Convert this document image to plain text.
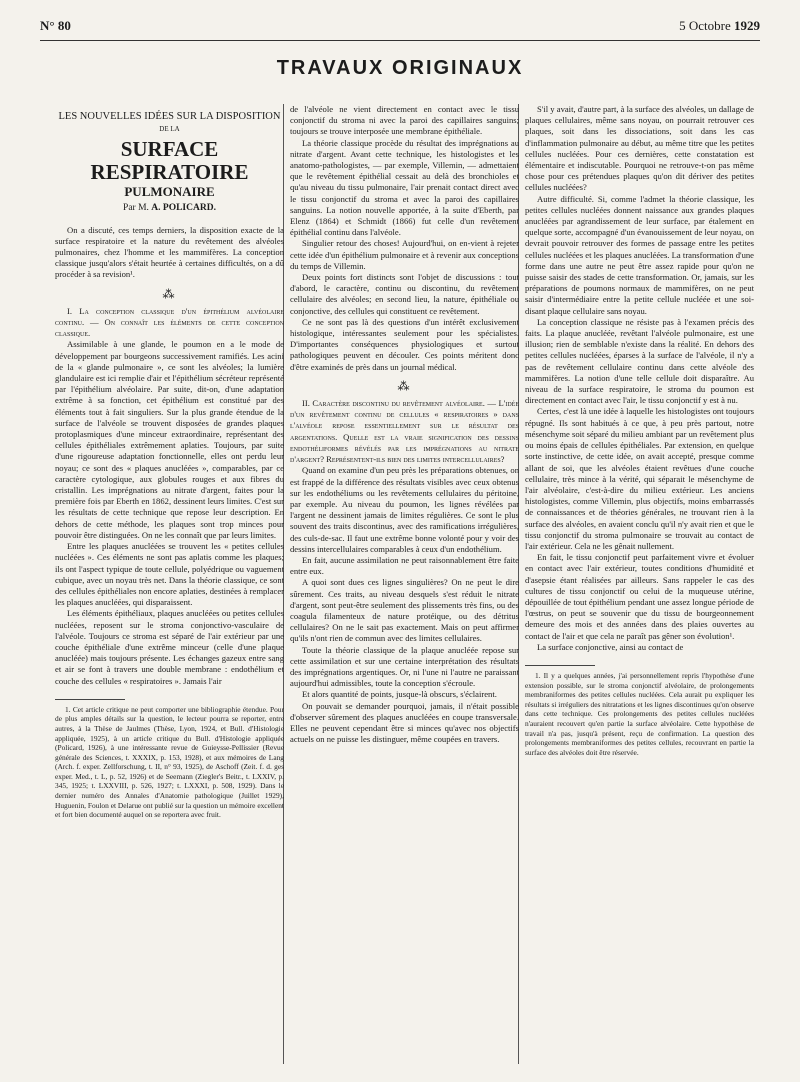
N° 80	5 Octobre 1929
TRAVAUX ORIGINAUX

LES NOUVELLES IDÉES SUR LA DISPOSITION

DE LA

SURFACE RESPIRATOIRE

PULMONAIRE

Par M. A. POLICARD.

On a discuté, ces temps derniers, la disposition exacte de la surface respiratoire et la nature du revêtement des alvéoles pulmonaires, chez l'homme et les mammifères. La conception classique jusqu'alors s'était heurtée à certaines difficultés, on a dû procéder à sa revision¹.

⁂

I. La conception classique d'un épithélium alvéolaire continu. — On connaît les éléments de cette conception classique.

Assimilable à une glande, le poumon en a le mode de développement par bourgeons successivement ramifiés. Les acini de la « glande pulmonaire », ce sont les alvéoles; la lumière glandulaire est ici remplie d'air et l'épithélium sécréteur représenté par l'épithélium alvéolaire. Par suite, dit-on, d'une adaptation extrême à sa fonction, cet épithélium est constitué par des éléments tout à fait singuliers. Sur la plus grande étendue de la surface de l'alvéole se trouvent disposées de grandes plaques protoplasmiques d'une minceur extraordinaire, représentant des cellules épithéliales extrêmement aplaties. Toujours, par suite d'une rigoureuse adaptation fonctionnelle, elles ont perdu leur noyau; ce sont des « plaques anucléées », comparables, par ce caractère cytologique, aux globules rouges et aux fibres du cristallin. Les imprégnations au nitrate d'argent, faites pour la première fois par Eberth en 1862, dessinent leurs limites. C'est sur les résultats de cette technique que repose leur description. En dehors de cette méthode, les plaques sont trop minces pour pouvoir être distinguées. On ne les connaît que par leurs limites.

Entre les plaques anucléées se trouvent les « petites cellules nucléées ». Ces éléments ne sont pas aplatis comme les plaques; ils ont l'aspect typique de toute cellule, polyédrique ou vaguement cubique, avec un noyau très net. Dans la théorie classique, ce sont des cellules épithéliales non encore aplaties, destinées à remplacer les plaques anucléées, qui disparaissent.

Les éléments épithéliaux, plaques anucléées ou petites cellules nucléées, reposent sur le stroma conjonctivo-vasculaire de l'alvéole. Toujours ce stroma est séparé de l'air extérieur par une couche épithéliale d'une extrême minceur (celle d'une plaque anucléée) mais toujours présente. Les échanges gazeux entre sang et air se font à travers une double membrane : endothélium et couche des cellules « respiratoires ». Jamais l'air

1. Cet article critique ne peut comporter une bibliographie étendue. Pour de plus amples détails sur la question, le lecteur pourra se reporter, entre autres, à la Thèse de Jaulmes (Thèse, Lyon, 1924, et Bull. d'Histologie appliquée, 1925), à un article critique du Bull. d'Histologie appliquée (Policard, 1926), à une intéressante revue de Guieysse-Pellissier (Revue générale des Sciences, t. XXXIX, p. 153, 1928), et aux mémoires de Lang (Arch. f. exper. Zellforschung, t. II, n° 93, 1925), de Aschoff (Zeit. f. d. ges exper. Med., t. L, p. 52, 1926) et de Seemann (Ziegler's Beitr., t. LXXIV, p. 345, 1925; t. LXXVIII, p. 526, 1927; t. LXXXI, p. 508, 1929). Dans le dernier numéro des Annales d'Anatomie pathologique (Juillet 1929), Huguenin, Foulon et Delarue ont publié sur la question un mémoire excellent et fort bien documenté auquel on se reportera avec fruit.

de l'alvéole ne vient directement en contact avec le tissu conjonctif du stroma ni avec la paroi des capillaires sanguins; toujours se trouve interposée une membrane épithéliale.

La théorie classique procède du résultat des imprégnations au nitrate d'argent. Avant cette technique, les histologistes et les anatomo-pathologistes, — par exemple, Villemin, — admettaient que le revêtement épithélial cessait au delà des bronchioles et qu'au niveau du tissu pulmonaire, l'air prenait contact direct avec le tissu conjonctif du stroma et avec la paroi des capillaires sanguins. La notion nouvelle apportée, à la suite d'Eberth, par Elenz (1864) et Schmidt (1866) fut celle d'un revêtement épithélial continu dans l'alvéole.

Singulier retour des choses! Aujourd'hui, on en-vient à rejeter cette idée d'un épithélium pulmonaire et à revenir aux conceptions du temps de Villemin.

Deux points fort distincts sont l'objet de discussions : tout d'abord, le caractère, continu ou discontinu, du revêtement cellulaire des alvéoles; en second lieu, la nature, épithéliale ou conjonctive, des cellules qui constituent ce revêtement.

Ce ne sont pas là des questions d'un intérêt exclusivement histologique, intéressantes seulement pour les spécialistes. D'importantes conséquences physiologiques et surtout pathologiques peuvent en découler. Ces points méritent donc d'être examinés de près dans un journal médical.

⁂

II. Caractère discontinu du revêtement alvéolaire. — L'idée d'un revêtement continu de cellules « respiratoires » dans l'alvéole repose essentiellement sur le résultat des argentations. Quelle est la vraie signification des dessins endothéliformes révélés par les imprégnations au nitrate d'argent? Représentent-ils bien des limites intercellulaires?

Quand on examine d'un peu près les préparations obtenues, on est frappé de la différence des résultats visibles avec ceux obtenus sur les endothéliums ou les revêtements cellulaires du péritoine, par exemple. Au niveau du poumon, les lignes révélées par l'argent ne dessinent jamais de limites régulières. Ce sont le plus souvent des traits discontinus, avec des ramifications irrégulières, des culs-de-sac. Il faut une extrême bonne volonté pour y voir des dessins intercellulaires comparables à ceux d'un endothélium.

En fait, aucune assimilation ne peut raisonnablement être faite entre eux.

A quoi sont dues ces lignes singulières? On ne peut le dire sûrement. Ces traits, au niveau desquels s'est réduit le nitrate d'argent, sont peut-être seulement des plissements très fins, ou des coagula filamenteux de nature protéique, ou des détritus cellulaires? On ne le sait pas exactement. Mais on peut affirmer qu'ils n'ont rien de commun avec des limites cellulaires.

Toute la théorie classique de la plaque anucléée repose sur cette assimilation et sur une certaine interprétation des résultats des imprégnations argentiques. Or, ni l'une ni l'autre ne paraissant aujourd'hui admissibles, toute la conception s'écroule.

Et alors quantité de points, jusque-là obscurs, s'éclairent.

On pouvait se demander pourquoi, jamais, il n'était possible d'observer sûrement des plaques anucléées en coupe transversale. Elles ne peuvent cependant être si minces qu'avec nos objectifs actuels on ne puisse les distinguer, même coupées en travers.

S'il y avait, d'autre part, à la surface des alvéoles, un dallage de plaques cellulaires, même sans noyau, on pourrait retrouver ces plaques, soit dans les dissociations, soit dans les cas d'inflammation pulmonaire au début, au même titre que les petites cellules nucléées. Pour ces dernières, cette constatation est élémentaire et indiscutable. Pourquoi ne retrouve-t-on pas même chose pour ces prétendues plaques qu'on dit dériver des petites cellules nucléées?

Autre difficulté. Si, comme l'admet la théorie classique, les petites cellules nucléées donnent naissance aux grandes plaques anucléées par agrandissement de leur surface, par étalement en quelque sorte, accompagné d'un évanouissement de leur noyau, on devrait pouvoir retrouver des formes de passage entre les petites cellules nucléées et les plaques anucléées. La transformation d'une forme dans une autre ne peut être assez rapide pour qu'on ne puisse saisir des stades de cette transformation. Or, jamais, sur les préparations de poumons normaux de mammifères, on ne peut saisir d'intermédiaire entre la petite cellule nucléée et une soi-disant plaque cellulaire sans noyau.

La conception classique ne résiste pas à l'examen précis des faits. La plaque anucléée, revêtant l'alvéole pulmonaire, est une illusion; rien de semblable n'existe dans la réalité. En dehors des petites cellules nucléées, éparses à la surface de l'alvéole, il n'y a pas de revêtement cellulaire continu dans cette alvéole des mammifères. La notion d'une telle cellule doit disparaître. Au niveau de la surface respiratoire, le stroma du poumon est directement en contact avec l'air, le tissu conjonctif y est à nu.

Certes, c'est là une idée à laquelle les histologistes ont toujours répugné. Ils sont habitués à ce que, à peu près partout, notre mésenchyme soit séparé du milieu ambiant par un revêtement plus ou moins épais de cellules épithéliales. Par extension, en quelque sorte instinctive, de cette idée, on avait accepté, presque comme allant de soi, que les alvéoles étaient revêtues d'une couche cellulaire, très mince à la vérité, qui séparait le mésenchyme de l'air alvéolaire, c'est-à-dire du milieu extérieur. Les anciens histologistes, comme Villemin, plus objectifs, moins embarrassés de connaissances et de théories générales, ne trouvant rien à la surface des alvéoles, en avaient conclu qu'il n'y avait rien et que le tissu conjonctif du stroma pulmonaire se trouvait au contact de l'air extérieur. Cela ne les gênait nullement.

En fait, le tissu conjonctif peut parfaitement vivre et évoluer en contact avec l'air extérieur, toutes conditions d'humidité et d'asepsie étant réalisées par ailleurs. Sans rappeler le cas des cultures de tissu conjonctif ou celui de la muqueuse utérine, dépouillée de tout épithélium pendant une assez longue période de l'œstrus, on peut se souvenir que du tissu de bourgeonnement demeure des mois et des années dans des plaies ouvertes au contact de l'air et que cela ne paraît pas gêner son évolution¹.

La surface conjonctive, ainsi au contact de

1. Il y a quelques années, j'ai personnellement repris l'hypothèse d'une extension possible, sur le stroma conjonctif alvéolaire, de prolongements membraniformes des petites cellules nucléées. Cela aurait pu expliquer les résultats si irréguliers des nitratations et les lignes discontinues qu'on observe dans cette technique. Ces prolongements des petites cellules nucléées n'auraient recouvert qu'en partie la surface alvéolaire. Cette hypothèse de travail n'a pas, jusqu'à présent, reçu de confirmation. La question des prolongements membraniformes des petites cellules, recouvrant en partie la surface des alvéoles doit être réservée.
